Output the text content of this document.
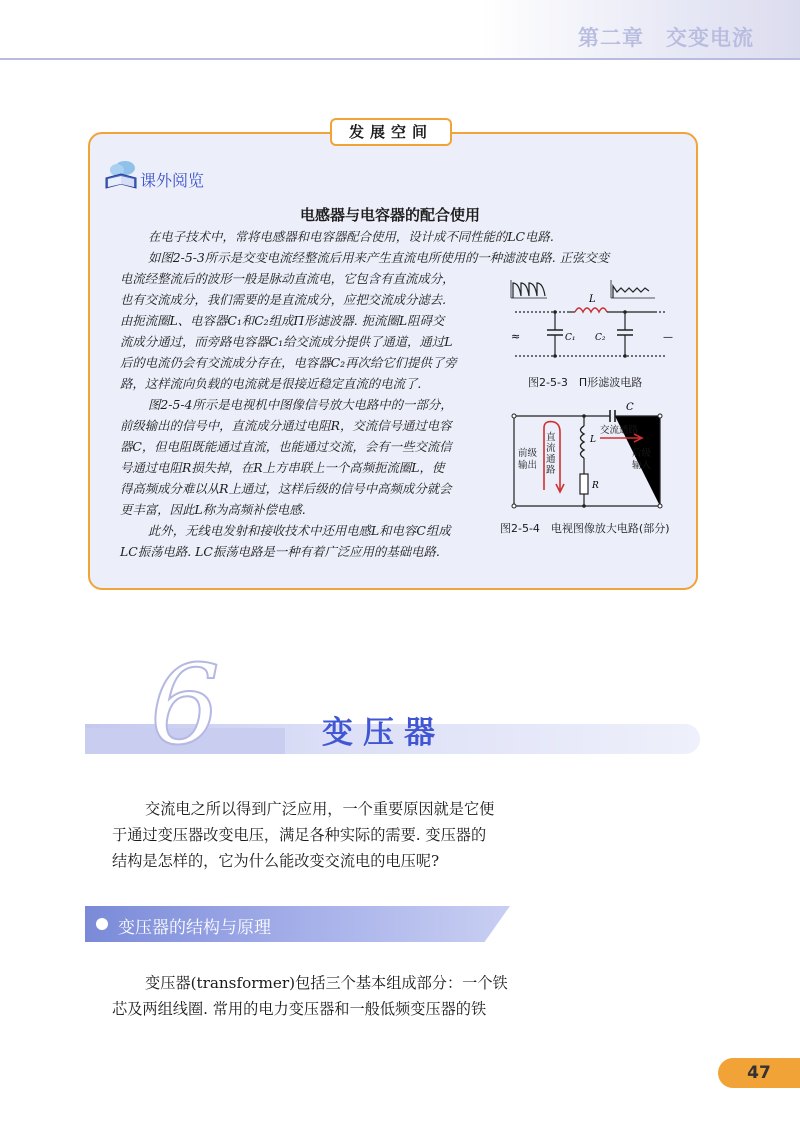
第二章　交变电流
发展空间
课外阅览
电感器与电容器的配合使用
在电子技术中，常将电感器和电容器配合使用，设计成不同性能的LC电路.
如图2-5-3所示是交变电流经整流后用来产生直流电所使用的一种滤波电路. 正弦交变
电流经整流后的波形一般是脉动直流电，它包含有直流成分，
也有交流成分，我们需要的是直流成分，应把交流成分滤去.
由扼流圈L、电容器C₁和C₂组成Π形滤波器. 扼流圈L阻碍交
流成分通过，而旁路电容器C₁给交流成分提供了通道，通过L
后的电流仍会有交流成分存在，电容器C₂再次给它们提供了旁
路，这样流向负载的电流就是很接近稳定直流的电流了.
图2-5-4所示是电视机中图像信号放大电路中的一部分，
前级输出的信号中，直流成分通过电阻R，交流信号通过电容
器C，但电阻既能通过直流，也能通过交流，会有一些交流信
号通过电阻R损失掉，在R上方串联上一个高频扼流圈L，使
得高频成分难以从R上通过，这样后级的信号中高频成分就会
更丰富，因此L称为高频补偿电感.
此外，无线电发射和接收技术中还用电感L和电容C组成
LC振荡电路. LC振荡电路是一种有着广泛应用的基础电路.
L
C₁ C₂
≈	—
图2-5-3　Π形滤波电路
C
L
R
交流通路
直流通路
前级输出
后级输入
图2-5-4　电视图像放大电路(部分)
6	变压器
交流电之所以得到广泛应用，一个重要原因就是它便
于通过变压器改变电压，满足各种实际的需要. 变压器的
结构是怎样的，它为什么能改变交流电的电压呢?
变压器的结构与原理
变压器(transformer)包括三个基本组成部分：一个铁
芯及两组线圈. 常用的电力变压器和一般低频变压器的铁
47
